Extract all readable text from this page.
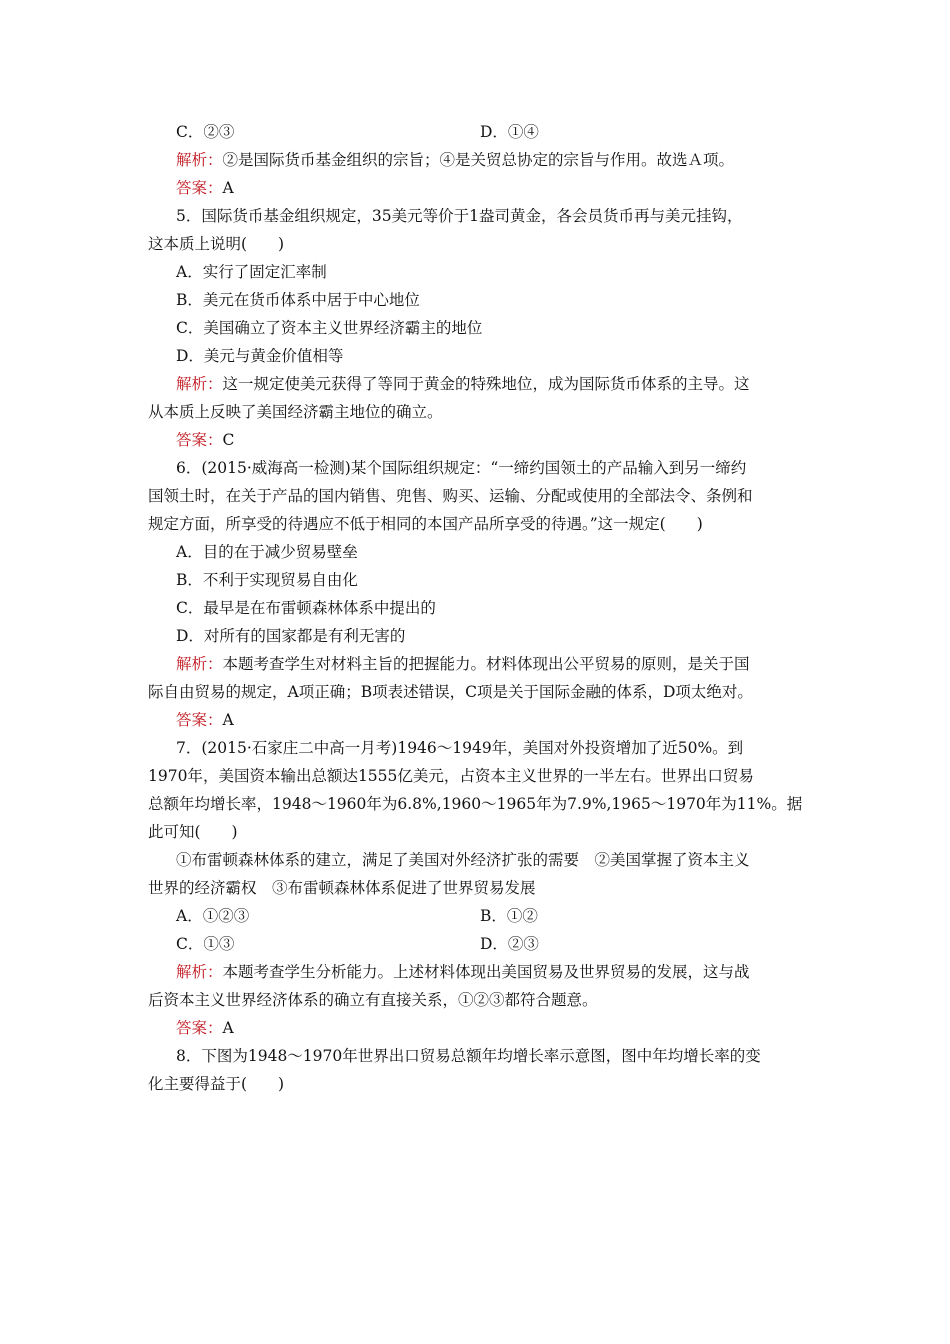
C．②③	D．①④
解析：②是国际货币基金组织的宗旨；④是关贸总协定的宗旨与作用。故选Ａ项。
答案：A
5．国际货币基金组织规定，35美元等价于1盎司黄金，各会员货币再与美元挂钩，
这本质上说明(　　)
A．实行了固定汇率制
B．美元在货币体系中居于中心地位
C．美国确立了资本主义世界经济霸主的地位
D．美元与黄金价值相等
解析：这一规定使美元获得了等同于黄金的特殊地位，成为国际货币体系的主导。这
从本质上反映了美国经济霸主地位的确立。
答案：C
6．(2015·威海高一检测)某个国际组织规定：“一缔约国领土的产品输入到另一缔约
国领土时，在关于产品的国内销售、兜售、购买、运输、分配或使用的全部法令、条例和
规定方面，所享受的待遇应不低于相同的本国产品所享受的待遇。”这一规定(　　)
A．目的在于减少贸易壁垒
B．不利于实现贸易自由化
C．最早是在布雷顿森林体系中提出的
D．对所有的国家都是有利无害的
解析：本题考查学生对材料主旨的把握能力。材料体现出公平贸易的原则，是关于国
际自由贸易的规定，A项正确；B项表述错误，C项是关于国际金融的体系，D项太绝对。
答案：A
7．(2015·石家庄二中高一月考)1946～1949年，美国对外投资增加了近50%。到
1970年，美国资本输出总额达1555亿美元，占资本主义世界的一半左右。世界出口贸易
总额年均增长率，1948～1960年为6.8%,1960～1965年为7.9%,1965～1970年为11%。据
此可知(　　)
①布雷顿森林体系的建立，满足了美国对外经济扩张的需要　②美国掌握了资本主义
世界的经济霸权　③布雷顿森林体系促进了世界贸易发展
A．①②③	B．①②
C．①③	D．②③
解析：本题考查学生分析能力。上述材料体现出美国贸易及世界贸易的发展，这与战
后资本主义世界经济体系的确立有直接关系，①②③都符合题意。
答案：A
8．下图为1948～1970年世界出口贸易总额年均增长率示意图，图中年均增长率的变
化主要得益于(　　)
